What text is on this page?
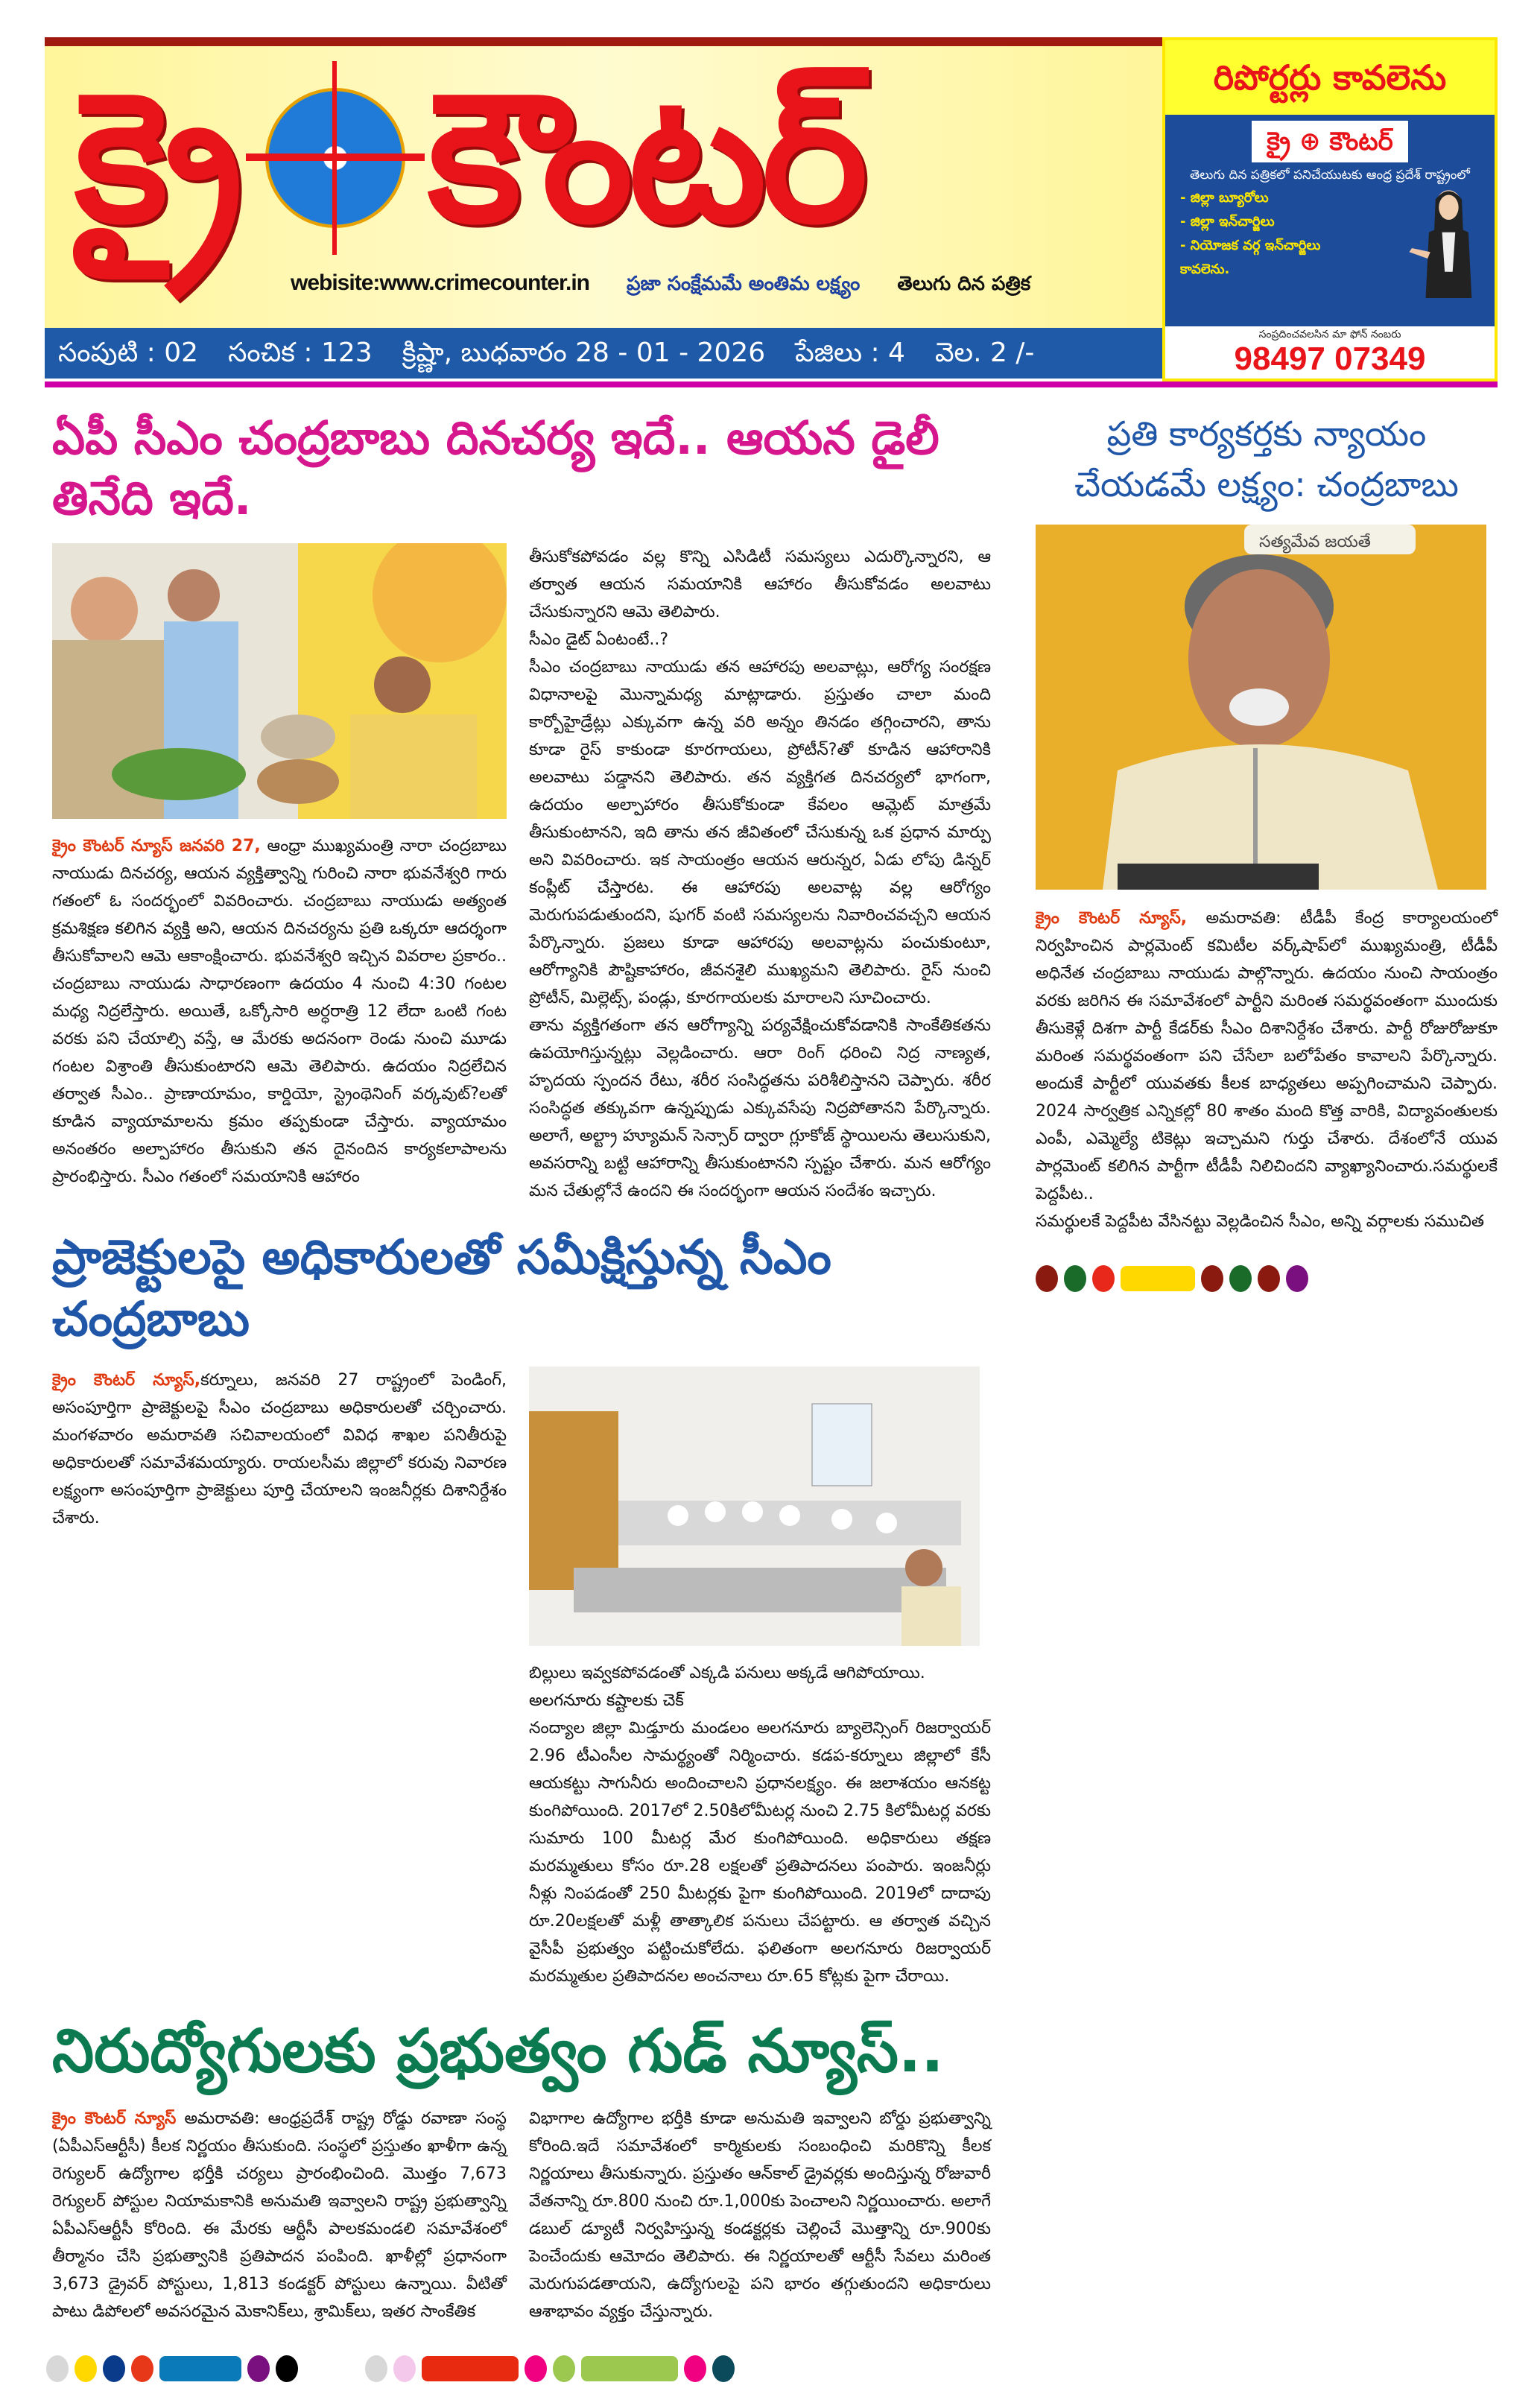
క్రై కౌంటర్
webisite:www.crimecounter.in ప్రజా సంక్షేమమే అంతిమ లక్ష్యం తెలుగు దిన పత్రిక
సంపుటి : 02 సంచిక : 123 క్రిష్ణా, బుధవారం 28 - 01 - 2026 పేజిలు : 4 వెల. 2 /-
రిపోర్టర్లు కావలెను
క్రై ⊕ కౌంటర్
తెలుగు దిన పత్రికలో పనిచేయుటకు ఆంధ్ర ప్రదేశ్ రాష్ట్రంలో
- జిల్లా బ్యూరోలు
- జిల్లా ఇన్‌చార్జిలు
- నియోజక వర్గ ఇన్‌చార్జిలు
కావలెను.
సంప్రదించవలసిన మా ఫోన్ నంబరు
98497 07349
ఏపీ సీఎం చంద్రబాబు దినచర్య ఇదే.. ఆయన డైలీ తినేది ఇదే.

క్రైం కౌంటర్ న్యూస్ జనవరి 27, ఆంధ్రా ముఖ్యమంత్రి నారా చంద్రబాబు నాయుడు దినచర్య, ఆయన వ్యక్తిత్వాన్ని గురించి నారా భువనేశ్వరి గారు గతంలో ఓ సందర్భంలో వివరించారు. చంద్రబాబు నాయుడు అత్యంత క్రమశిక్షణ కలిగిన వ్యక్తి అని, ఆయన దినచర్యను ప్రతి ఒక్కరూ ఆదర్శంగా తీసుకోవాలని ఆమె ఆకాంక్షించారు. భువనేశ్వరి ఇచ్చిన వివరాల ప్రకారం.. చంద్రబాబు నాయుడు సాధారణంగా ఉదయం 4 నుంచి 4:30 గంటల మధ్య నిద్రలేస్తారు. అయితే, ఒక్కోసారి అర్ధరాత్రి 12 లేదా ఒంటి గంట వరకు పని చేయాల్సి వస్తే, ఆ మేరకు అదనంగా రెండు నుంచి మూడు గంటల విశ్రాంతి తీసుకుంటారని ఆమె తెలిపారు. ఉదయం నిద్రలేచిన తర్వాత సీఎం.. ప్రాణాయామం, కార్డియో, స్ట్రెంథెనింగ్ వర్కవుట్?లతో కూడిన వ్యాయామాలను క్రమం తప్పకుండా చేస్తారు. వ్యాయామం అనంతరం అల్పాహారం తీసుకుని తన దైనందిన కార్యకలాపాలను ప్రారంభిస్తారు. సీఎం గతంలో సమయానికి ఆహారం

తీసుకోకపోవడం వల్ల కొన్ని ఎసిడిటీ సమస్యలు ఎదుర్కొన్నారని, ఆ తర్వాత ఆయన సమయానికి ఆహారం తీసుకోవడం అలవాటు చేసుకున్నారని ఆమె తెలిపారు.

సీఎం డైట్ ఏంటంటే..?

సీఎం చంద్రబాబు నాయుడు తన ఆహారపు అలవాట్లు, ఆరోగ్య సంరక్షణ విధానాలపై మొన్నామధ్య మాట్లాడారు. ప్రస్తుతం చాలా మంది కార్బోహైడ్రేట్లు ఎక్కువగా ఉన్న వరి అన్నం తినడం తగ్గించారని, తాను కూడా రైస్ కాకుండా కూరగాయలు, ప్రోటీన్?తో కూడిన ఆహారానికి అలవాటు పడ్డానని తెలిపారు. తన వ్యక్తిగత దినచర్యలో భాగంగా, ఉదయం అల్పాహారం తీసుకోకుండా కేవలం ఆమ్లెట్ మాత్రమే తీసుకుంటానని, ఇది తాను తన జీవితంలో చేసుకున్న ఒక ప్రధాన మార్పు అని వివరించారు. ఇక సాయంత్రం ఆయన ఆరున్నర, ఏడు లోపు డిన్నర్ కంప్లీట్ చేస్తారట. ఈ ఆహారపు అలవాట్ల వల్ల ఆరోగ్యం మెరుగుపడుతుందని, షుగర్ వంటి సమస్యలను నివారించవచ్చని ఆయన పేర్కొన్నారు. ప్రజలు కూడా ఆహారపు అలవాట్లను పంచుకుంటూ, ఆరోగ్యానికి పౌష్టికాహారం, జీవనశైలి ముఖ్యమని తెలిపారు. రైస్ నుంచి ప్రోటీన్, మిల్లెట్స్, పండ్లు, కూరగాయలకు మారాలని సూచించారు.

తాను వ్యక్తిగతంగా తన ఆరోగ్యాన్ని పర్యవేక్షించుకోవడానికి సాంకేతికతను ఉపయోగిస్తున్నట్లు వెల్లడించారు. ఆరా రింగ్ ధరించి నిద్ర నాణ్యత, హృదయ స్పందన రేటు, శరీర సంసిద్ధతను పరిశీలిస్తానని చెప్పారు. శరీర సంసిద్ధత తక్కువగా ఉన్నప్పుడు ఎక్కువసేపు నిద్రపోతానని పేర్కొన్నారు. అలాగే, అల్ట్రా హ్యూమన్ సెన్సార్ ద్వారా గ్లూకోజ్ స్థాయిలను తెలుసుకుని, అవసరాన్ని బట్టి ఆహారాన్ని తీసుకుంటానని స్పష్టం చేశారు. మన ఆరోగ్యం మన చేతుల్లోనే ఉందని ఈ సందర్భంగా ఆయన సందేశం ఇచ్చారు.

ప్రాజెక్టులపై అధికారులతో సమీక్షిస్తున్న సీఎం చంద్రబాబు

క్రైం కౌంటర్ న్యూస్,కర్నూలు, జనవరి 27 రాష్ట్రంలో పెండింగ్, అసంపూర్తిగా ప్రాజెక్టులపై సీఎం చంద్రబాబు అధికారులతో చర్చించారు. మంగళవారం అమరావతి సచివాలయంలో వివిధ శాఖల పనితీరుపై అధికారులతో సమావేశమయ్యారు. రాయలసీమ జిల్లాలో కరువు నివారణ లక్ష్యంగా అసంపూర్తిగా ప్రాజెక్టులు పూర్తి చేయాలని ఇంజనీర్లకు దిశానిర్దేశం చేశారు.

బిల్లులు ఇవ్వకపోవడంతో ఎక్కడి పనులు అక్కడే ఆగిపోయాయి.

అలగనూరు కష్టాలకు చెక్

నంద్యాల జిల్లా మిడ్తూరు మండలం అలగనూరు బ్యాలెన్సింగ్ రిజర్వాయర్ 2.96 టీఎంసీల సామర్థ్యంతో నిర్మించారు. కడప-కర్నూలు జిల్లాలో కేసీ ఆయకట్టు సాగునీరు అందించాలని ప్రధానలక్ష్యం. ఈ జలాశయం ఆనకట్ట కుంగిపోయింది. 2017లో 2.50కిలోమీటర్ల నుంచి 2.75 కిలోమీటర్ల వరకు సుమారు 100 మీటర్ల మేర కుంగిపోయింది. అధికారులు తక్షణ మరమ్మతులు కోసం రూ.28 లక్షలతో ప్రతిపాదనలు పంపారు. ఇంజనీర్లు నీళ్లు నింపడంతో 250 మీటర్లకు పైగా కుంగిపోయింది. 2019లో దాదాపు రూ.20లక్షలతో మళ్లీ తాత్కాలిక పనులు చేపట్టారు. ఆ తర్వాత వచ్చిన వైసీపీ ప్రభుత్వం పట్టించుకోలేదు. ఫలితంగా అలగనూరు రిజర్వాయర్ మరమ్మతుల ప్రతిపాదనల అంచనాలు రూ.65 కోట్లకు పైగా చేరాయి.

నిరుద్యోగులకు ప్రభుత్వం గుడ్ న్యూస్..

క్రైం కౌంటర్ న్యూస్ అమరావతి: ఆంధ్రప్రదేశ్ రాష్ట్ర రోడ్డు రవాణా సంస్థ (ఏపీఎస్ఆర్టీసీ) కీలక నిర్ణయం తీసుకుంది. సంస్థలో ప్రస్తుతం ఖాళీగా ఉన్న రెగ్యులర్ ఉద్యోగాల భర్తీకి చర్యలు ప్రారంభించింది. మొత్తం 7,673 రెగ్యులర్ పోస్టుల నియామకానికి అనుమతి ఇవ్వాలని రాష్ట్ర ప్రభుత్వాన్ని ఏపీఎస్ఆర్టీసీ కోరింది. ఈ మేరకు ఆర్టీసీ పాలకమండలి సమావేశంలో తీర్మానం చేసి ప్రభుత్వానికి ప్రతిపాదన పంపింది. ఖాళీల్లో ప్రధానంగా 3,673 డ్రైవర్ పోస్టులు, 1,813 కండక్టర్ పోస్టులు ఉన్నాయి. వీటితో పాటు డిపోలలో అవసరమైన మెకానిక్‌లు, శ్రామిక్‌లు, ఇతర సాంకేతిక

విభాగాల ఉద్యోగాల భర్తీకి కూడా అనుమతి ఇవ్వాలని బోర్డు ప్రభుత్వాన్ని కోరింది.ఇదే సమావేశంలో కార్మికులకు సంబంధించి మరికొన్ని కీలక నిర్ణయాలు తీసుకున్నారు. ప్రస్తుతం ఆన్‌కాల్ డ్రైవర్లకు అందిస్తున్న రోజువారీ వేతనాన్ని రూ.800 నుంచి రూ.1,000కు పెంచాలని నిర్ణయించారు. అలాగే డబుల్ డ్యూటీ నిర్వహిస్తున్న కండక్టర్లకు చెల్లించే మొత్తాన్ని రూ.900కు పెంచేందుకు ఆమోదం తెలిపారు. ఈ నిర్ణయాలతో ఆర్టీసీ సేవలు మరింత మెరుగుపడతాయని, ఉద్యోగులపై పని భారం తగ్గుతుందని అధికారులు ఆశాభావం వ్యక్తం చేస్తున్నారు.

ప్రతి కార్యకర్తకు న్యాయం చేయడమే లక్ష్యం: చంద్రబాబు
సత్యమేవ జయతే

క్రైం కౌంటర్ న్యూస్, అమరావతి: టీడీపీ కేంద్ర కార్యాలయంలో నిర్వహించిన పార్లమెంట్ కమిటీల వర్క్‌షాప్‌లో ముఖ్యమంత్రి, టీడీపీ అధినేత చంద్రబాబు నాయుడు పాల్గొన్నారు. ఉదయం నుంచి సాయంత్రం వరకు జరిగిన ఈ సమావేశంలో పార్టీని మరింత సమర్థవంతంగా ముందుకు తీసుకెళ్లే దిశగా పార్టీ కేడర్‌కు సీఎం దిశానిర్దేశం చేశారు. పార్టీ రోజురోజుకూ మరింత సమర్థవంతంగా పని చేసేలా బలోపేతం కావాలని పేర్కొన్నారు. అందుకే పార్టీలో యువతకు కీలక బాధ్యతలు అప్పగించామని చెప్పారు. 2024 సార్వత్రిక ఎన్నికల్లో 80 శాతం మంది కొత్త వారికి, విద్యావంతులకు ఎంపీ, ఎమ్మెల్యే టికెట్లు ఇచ్చామని గుర్తు చేశారు. దేశంలోనే యువ పార్లమెంట్ కలిగిన పార్టీగా టీడీపీ నిలిచిందని వ్యాఖ్యానించారు.సమర్థులకే పెద్దపీట..

సమర్థులకే పెద్దపీట వేసినట్టు వెల్లడించిన సీఎం, అన్ని వర్గాలకు సముచిత
